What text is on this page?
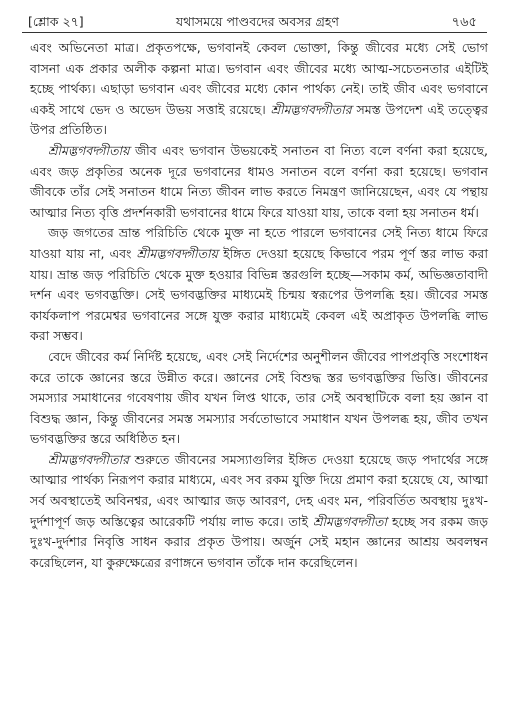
[শ্লোক ২৭]	যথাসময়ে পাণ্ডবদের অবসর গ্রহণ	৭৬৫

এবং অভিনেতা মাত্র। প্রকৃতপক্ষে, ভগবানই কেবল ভোক্তা, কিন্তু জীবের মধ্যে সেই ভোগ বাসনা এক প্রকার অলীক কল্পনা মাত্র। ভগবান এবং জীবের মধ্যে আত্ম-সচেতনতার এইটিই হচ্ছে পার্থক্য। এছাড়া ভগবান এবং জীবের মধ্যে কোন পার্থক্য নেই। তাই জীব এবং ভগবানে একই সাথে ভেদ ও অভেদ উভয় সত্তাই রয়েছে। শ্রীমদ্ভগবদ্গীতার সমস্ত উপদেশ এই তত্ত্বের উপর প্রতিষ্ঠিত।

শ্রীমদ্ভগবদ্গীতায় জীব এবং ভগবান উভয়কেই সনাতন বা নিত্য বলে বর্ণনা করা হয়েছে, এবং জড় প্রকৃতির অনেক দূরে ভগবানের ধামও সনাতন বলে বর্ণনা করা হয়েছে। ভগবান জীবকে তাঁর সেই সনাতন ধামে নিত্য জীবন লাভ করতে নিমন্ত্রণ জানিয়েছেন, এবং যে পন্থায় আত্মার নিত্য বৃত্তি প্রদর্শনকারী ভগবানের ধামে ফিরে যাওয়া যায়, তাকে বলা হয় সনাতন ধর্ম।

জড় জগতের ভ্রান্ত পরিচিতি থেকে মুক্ত না হতে পারলে ভগবানের সেই নিত্য ধামে ফিরে যাওয়া যায় না, এবং শ্রীমদ্ভগবদ্গীতায় ইঙ্গিত দেওয়া হয়েছে কিভাবে পরম পূর্ণ স্তর লাভ করা যায়। ভ্রান্ত জড় পরিচিতি থেকে মুক্ত হওয়ার বিভিন্ন স্তরগুলি হচ্ছে—সকাম কর্ম, অভিজ্ঞতাবাদী দর্শন এবং ভগবদ্ভক্তি। সেই ভগবদ্ভক্তির মাধ্যমেই চিন্ময় স্বরূপের উপলব্ধি হয়। জীবের সমস্ত কার্যকলাপ পরমেশ্বর ভগবানের সঙ্গে যুক্ত করার মাধ্যমেই কেবল এই অপ্রাকৃত উপলব্ধি লাভ করা সম্ভব।

বেদে জীবের কর্ম নির্দিষ্ট হয়েছে, এবং সেই নির্দেশের অনুশীলন জীবের পাপপ্রবৃত্তি সংশোধন করে তাকে জ্ঞানের স্তরে উন্নীত করে। জ্ঞানের সেই বিশুদ্ধ স্তর ভগবদ্ভক্তির ভিত্তি। জীবনের সমস্যার সমাধানের গবেষণায় জীব যখন লিপ্ত থাকে, তার সেই অবস্থাটিকে বলা হয় জ্ঞান বা বিশুদ্ধ জ্ঞান, কিন্তু জীবনের সমস্ত সমস্যার সর্বতোভাবে সমাধান যখন উপলব্ধ হয়, জীব তখন ভগবদ্ভক্তির স্তরে অধিষ্ঠিত হন।

শ্রীমদ্ভগবদ্গীতার শুরুতে জীবনের সমস্যাগুলির ইঙ্গিত দেওয়া হয়েছে জড় পদার্থের সঙ্গে আত্মার পার্থক্য নিরূপণ করার মাধ্যমে, এবং সব রকম যুক্তি দিয়ে প্রমাণ করা হয়েছে যে, আত্মা সর্ব অবস্থাতেই অবিনশ্বর, এবং আত্মার জড় আবরণ, দেহ এবং মন, পরিবর্তিত অবস্থায় দুঃখ-দুর্দশাপূর্ণ জড় অস্তিত্বের আরেকটি পর্যায় লাভ করে। তাই শ্রীমদ্ভগবদ্গীতা হচ্ছে সব রকম জড় দুঃখ-দুর্দশার নিবৃত্তি সাধন করার প্রকৃত উপায়। অর্জুন সেই মহান জ্ঞানের আশ্রয় অবলম্বন করেছিলেন, যা কুরুক্ষেত্রের রণাঙ্গনে ভগবান তাঁকে দান করেছিলেন।
